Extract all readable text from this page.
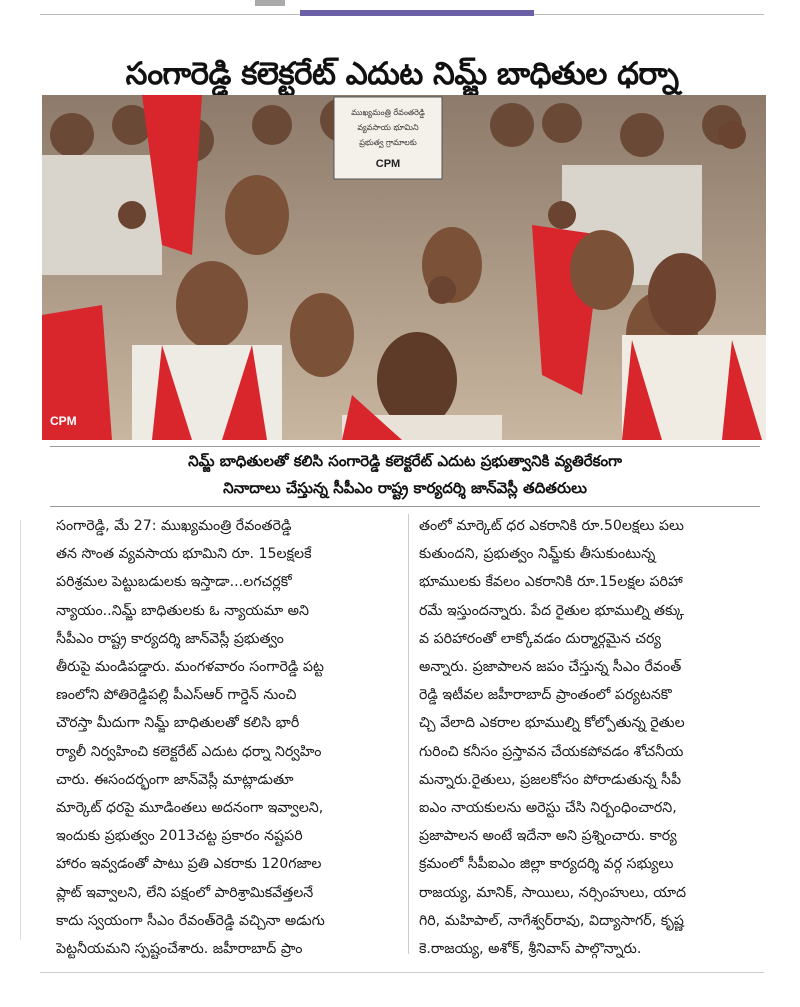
సంగారెడ్డి కలెక్టరేట్ ఎదుట నిమ్జ్ బాధితుల ధర్నా
CPM
ముఖ్యమంత్రి రేవంతరెడ్డి
వ్యవసాయ భూమిని
ప్రభుత్వ గ్రామాలకు
CPM
నిమ్జ్ బాధితులతో కలిసి సంగారెడ్డి కలెక్టరేట్ ఎదుట ప్రభుత్వానికి వ్యతిరేకంగా
నినాదాలు చేస్తున్న సీపీఎం రాష్ట్ర కార్యదర్శి జాన్‌వెస్లీ తదితరులు
సంగారెడ్డి, మే 27: ముఖ్యమంత్రి రేవంతరెడ్డి
తన సొంత వ్యవసాయ భూమిని రూ. 15లక్షలకే
పరిశ్రమల పెట్టుబడులకు ఇస్తాడా...లగచర్లకో
న్యాయం..నిమ్జ్ బాధితులకు ఓ న్యాయమా అని
సీపీఎం రాష్ట్ర కార్యదర్శి జాన్‌వెస్లీ ప్రభుత్వం
తీరుపై మండిపడ్డారు. మంగళవారం సంగారెడ్డి పట్ట
ణంలోని పోతిరెడ్డిపల్లి పీఎస్ఆర్ గార్డెన్ నుంచి
చౌరస్తా మీదుగా నిమ్జ్ బాధితులతో కలిసి భారీ
ర్యాలీ నిర్వహించి కలెక్టరేట్ ఎదుట ధర్నా నిర్వహిం
చారు. ఈసందర్భంగా జాన్‌వెస్లీ మాట్లాడుతూ
మార్కెట్ ధరపై మూడింతలు అదనంగా ఇవ్వాలని,
ఇందుకు ప్రభుత్వం 2013చట్ట ప్రకారం నష్టపరి
హారం ఇవ్వడంతో పాటు ప్రతి ఎకరాకు 120గజాల
ప్లాట్ ఇవ్వాలని, లేని పక్షంలో పారిశ్రామికవేత్తలనే
కాదు స్వయంగా సీఎం రేవంత్‌రెడ్డి వచ్చినా అడుగు
పెట్టనీయమని స్పష్టంచేశారు. జహీరాబాద్ ప్రాం
తంలో మార్కెట్ ధర ఎకరానికి రూ.50లక్షలు పలు
కుతుందని, ప్రభుత్వం నిమ్జ్‌కు తీసుకుంటున్న
భూములకు కేవలం ఎకరానికి రూ.15లక్షల పరిహా
రమే ఇస్తుందన్నారు. పేద రైతుల భూముల్ని తక్కు
వ పరిహారంతో లాక్కోవడం దుర్మార్గమైన చర్య
అన్నారు. ప్రజాపాలన జపం చేస్తున్న సీఎం రేవంత్
రెడ్డి ఇటీవల జహీరాబాద్ ప్రాంతంలో పర్యటనకొ
చ్చి వేలాది ఎకరాల భూముల్ని కోల్పోతున్న రైతుల
గురించి కనీసం ప్రస్తావన చేయకపోవడం శోచనీయ
మన్నారు.రైతులు, ప్రజలకోసం పోరాడుతున్న సీపీ
ఐఎం నాయకులను అరెస్టు చేసి నిర్బంధించారని,
ప్రజాపాలన అంటే ఇదేనా అని ప్రశ్నించారు. కార్య
క్రమంలో సీపీఐఎం జిల్లా కార్యదర్శి వర్గ సభ్యులు
రాజయ్య, మానిక్, సాయిలు, నర్సింహులు, యాద
గిరి, మహిపాల్, నాగేశ్వర్‌రావు, విద్యాసాగర్, కృష్ణ
కె.రాజయ్య, అశోక్, శ్రీనివాస్ పాల్గొన్నారు.
